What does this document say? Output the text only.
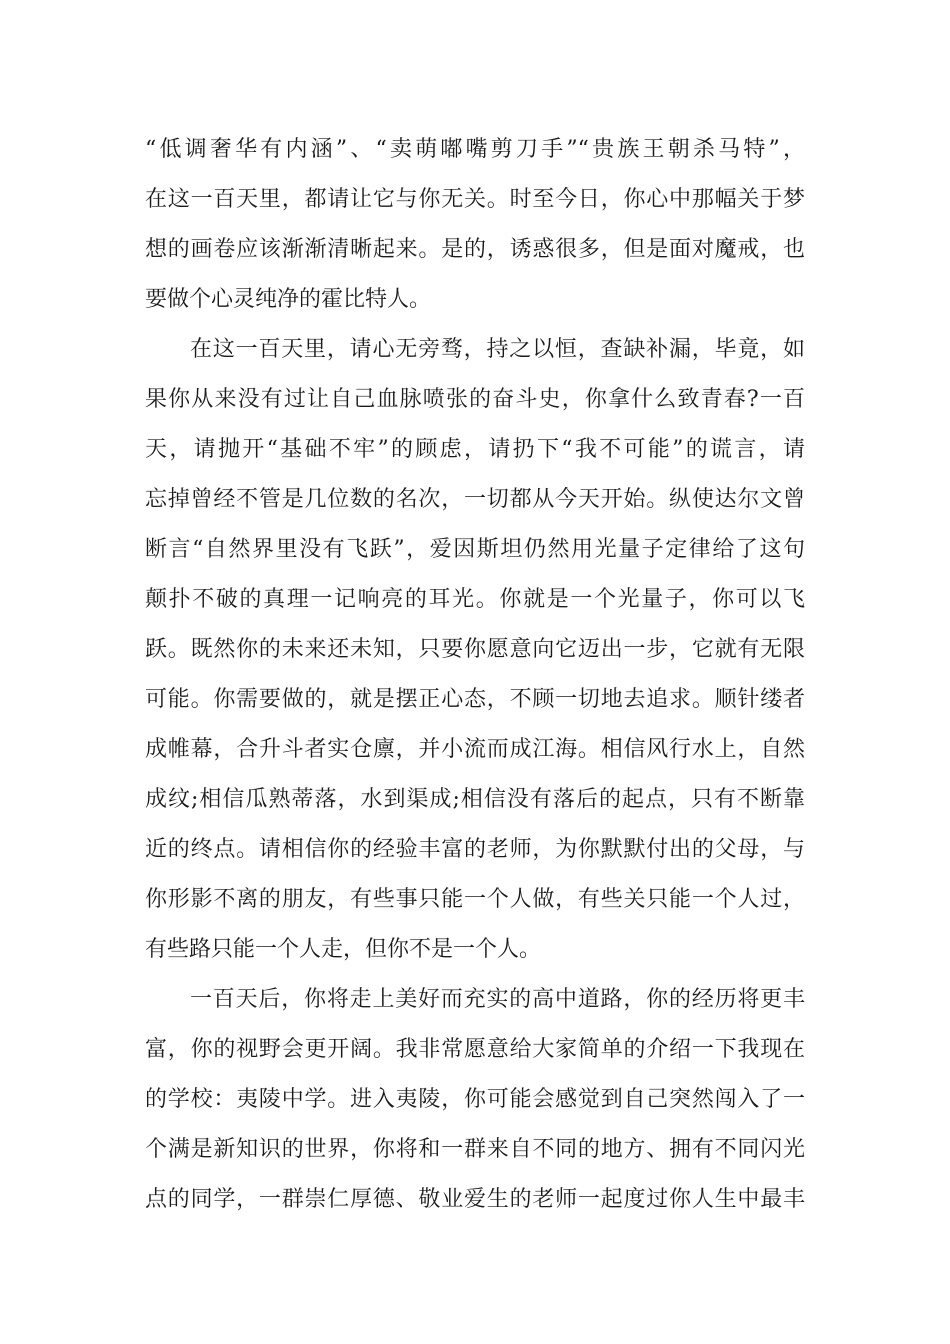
“低调奢华有内涵”、“卖萌嘟嘴剪刀手”“贵族王朝杀马特”，
在这一百天里，都请让它与你无关。时至今日，你心中那幅关于梦
想的画卷应该渐渐清晰起来。是的，诱惑很多，但是面对魔戒，也
要做个心灵纯净的霍比特人。
在这一百天里，请心无旁骛，持之以恒，查缺补漏，毕竟，如
果你从来没有过让自己血脉喷张的奋斗史，你拿什么致青春?一百
天，请抛开“基础不牢”的顾虑，请扔下“我不可能”的谎言，请
忘掉曾经不管是几位数的名次，一切都从今天开始。纵使达尔文曾
断言“自然界里没有飞跃”，爱因斯坦仍然用光量子定律给了这句
颠扑不破的真理一记响亮的耳光。你就是一个光量子，你可以飞
跃。既然你的未来还未知，只要你愿意向它迈出一步，它就有无限
可能。你需要做的，就是摆正心态，不顾一切地去追求。顺针缕者
成帷幕，合升斗者实仓廪，并小流而成江海。相信风行水上，自然
成纹;相信瓜熟蒂落，水到渠成;相信没有落后的起点，只有不断靠
近的终点。请相信你的经验丰富的老师，为你默默付出的父母，与
你形影不离的朋友，有些事只能一个人做，有些关只能一个人过，
有些路只能一个人走，但你不是一个人。
一百天后，你将走上美好而充实的高中道路，你的经历将更丰
富，你的视野会更开阔。我非常愿意给大家简单的介绍一下我现在
的学校：夷陵中学。进入夷陵，你可能会感觉到自己突然闯入了一
个满是新知识的世界，你将和一群来自不同的地方、拥有不同闪光
点的同学，一群崇仁厚德、敬业爱生的老师一起度过你人生中最丰
